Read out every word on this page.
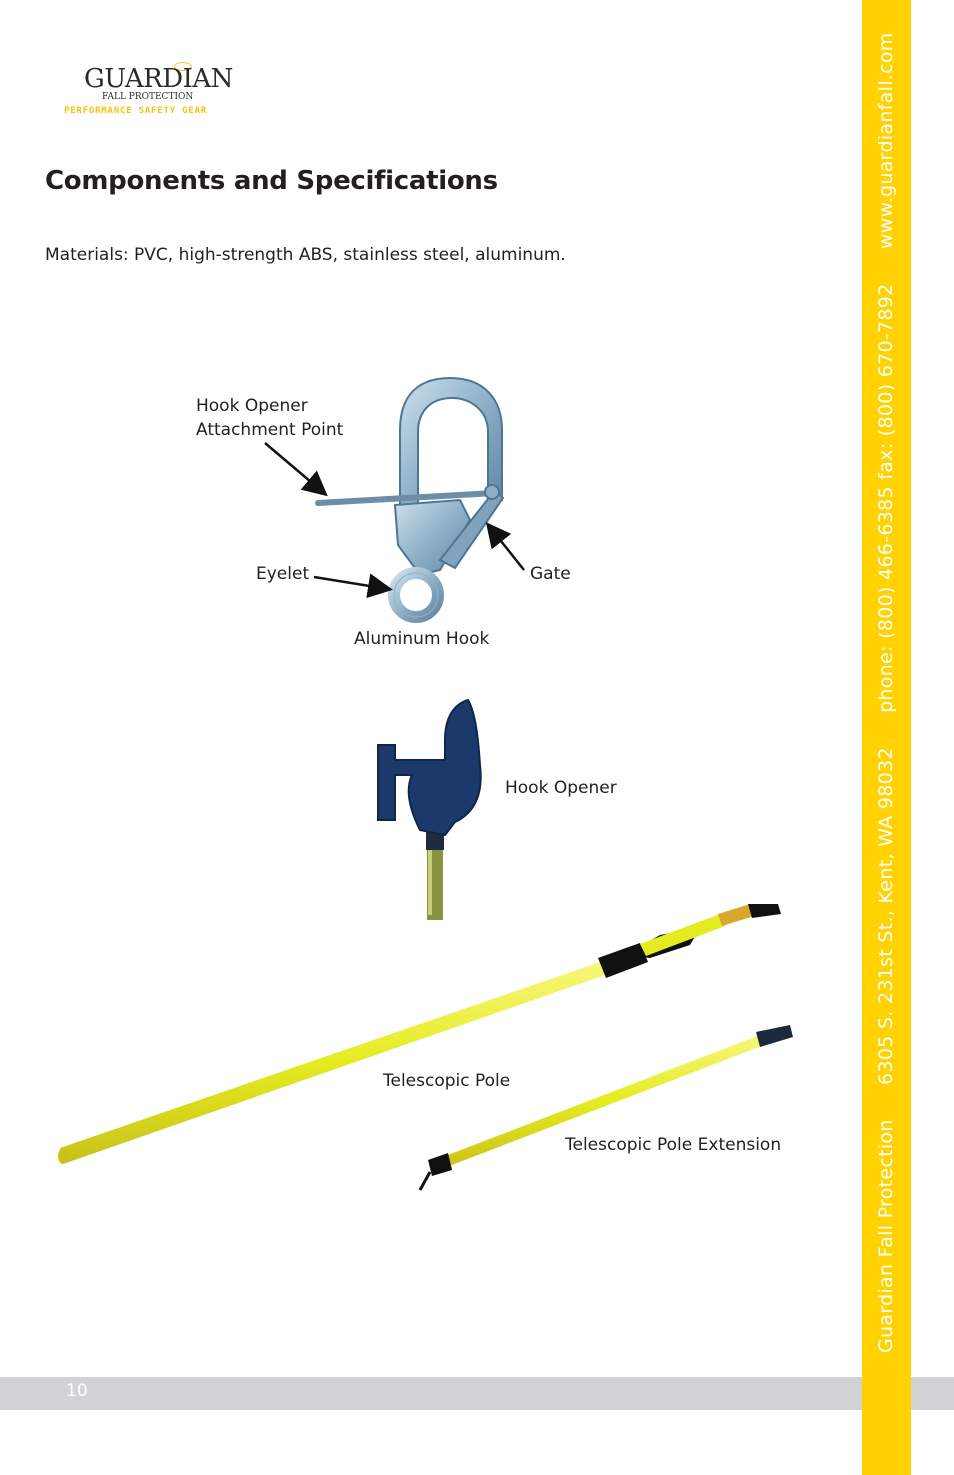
GUARDIAN
FALL PROTECTION
PERFORMANCE SAFETY GEAR
Components and Specifications
Materials: PVC, high-strength ABS, stainless steel, aluminum.
Hook Opener
Attachment Point
Eyelet	Gate
Aluminum Hook
Hook Opener
Telescopic Pole
Telescopic Pole Extension
10
Guardian Fall Protection 6305 S. 231st St., Kent, WA 98032 phone: (800) 466-6385 fax: (800) 670-7892 www.guardianfall.com
